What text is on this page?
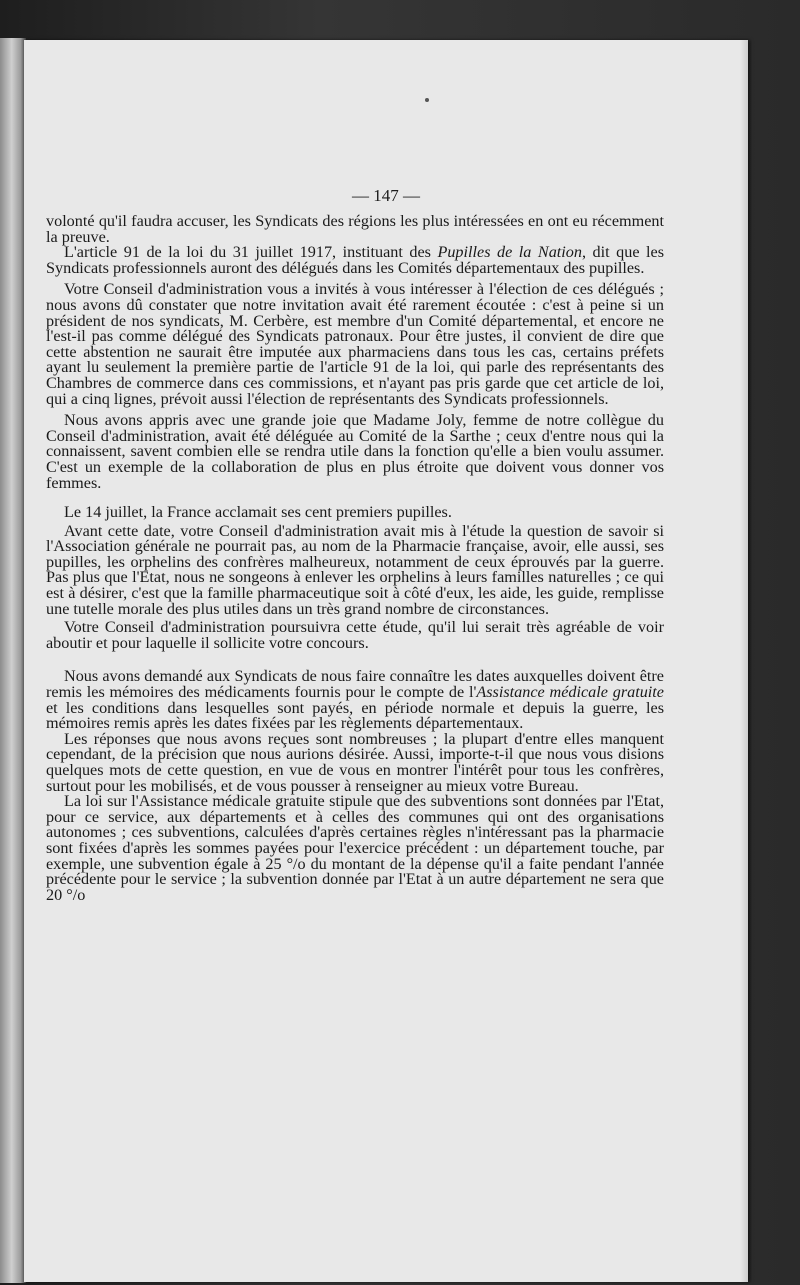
— 147 —

volonté qu'il faudra accuser, les Syndicats des régions les plus intéressées en ont eu récemment la preuve.

L'article 91 de la loi du 31 juillet 1917, instituant des Pupilles de la Nation, dit que les Syndicats professionnels auront des délégués dans les Comités départementaux des pupilles.

Votre Conseil d'administration vous a invités à vous intéresser à l'élection de ces délégués ; nous avons dû constater que notre invitation avait été rarement écoutée : c'est à peine si un président de nos syndicats, M. Cerbère, est membre d'un Comité départemental, et encore ne l'est-il pas comme délégué des Syndicats patronaux. Pour être justes, il convient de dire que cette abstention ne saurait être imputée aux pharmaciens dans tous les cas, certains préfets ayant lu seulement la première partie de l'article 91 de la loi, qui parle des représentants des Chambres de commerce dans ces commissions, et n'ayant pas pris garde que cet article de loi, qui a cinq lignes, prévoit aussi l'élection de représentants des Syndicats professionnels.

Nous avons appris avec une grande joie que Madame Joly, femme de notre collègue du Conseil d'administration, avait été déléguée au Comité de la Sarthe ; ceux d'entre nous qui la connaissent, savent combien elle se rendra utile dans la fonction qu'elle a bien voulu assumer. C'est un exemple de la collaboration de plus en plus étroite que doivent vous donner vos femmes.

Le 14 juillet, la France acclamait ses cent premiers pupilles.

Avant cette date, votre Conseil d'administration avait mis à l'étude la question de savoir si l'Association générale ne pourrait pas, au nom de la Pharmacie française, avoir, elle aussi, ses pupilles, les orphelins des confrères malheureux, notamment de ceux éprouvés par la guerre. Pas plus que l'Etat, nous ne songeons à enlever les orphelins à leurs familles naturelles ; ce qui est à désirer, c'est que la famille pharmaceutique soit à côté d'eux, les aide, les guide, remplisse une tutelle morale des plus utiles dans un très grand nombre de circonstances.

Votre Conseil d'administration poursuivra cette étude, qu'il lui serait très agréable de voir aboutir et pour laquelle il sollicite votre concours.

Nous avons demandé aux Syndicats de nous faire connaître les dates auxquelles doivent être remis les mémoires des médicaments fournis pour le compte de l'Assistance médicale gratuite et les conditions dans lesquelles sont payés, en période normale et depuis la guerre, les mémoires remis après les dates fixées par les règlements départementaux.

Les réponses que nous avons reçues sont nombreuses ; la plupart d'entre elles manquent cependant, de la précision que nous aurions désirée. Aussi, importe-t-il que nous vous disions quelques mots de cette question, en vue de vous en montrer l'intérêt pour tous les confrères, surtout pour les mobilisés, et de vous pousser à renseigner au mieux votre Bureau.

La loi sur l'Assistance médicale gratuite stipule que des subventions sont données par l'Etat, pour ce service, aux départements et à celles des communes qui ont des organisations autonomes ; ces subventions, calculées d'après certaines règles n'intéressant pas la pharmacie sont fixées d'après les sommes payées pour l'exercice précédent : un département touche, par exemple, une subvention égale à 25 °/o du montant de la dépense qu'il a faite pendant l'année précédente pour le service ; la subvention donnée par l'Etat à un autre département ne sera que 20 °/o
